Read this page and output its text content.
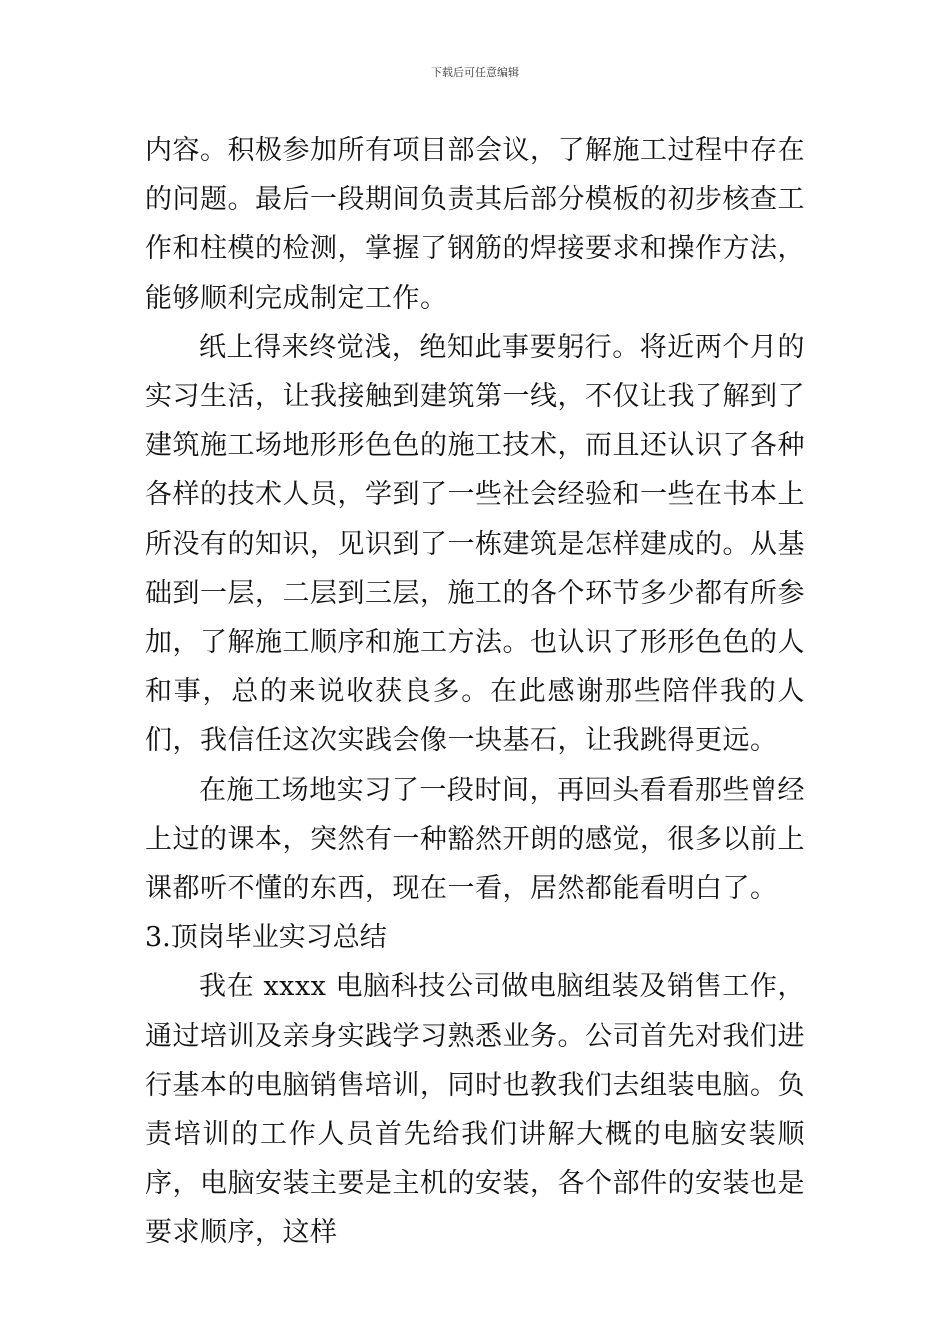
下载后可任意编辑

内容。积极参加所有项目部会议，了解施工过程中存在的问题。最后一段期间负责其后部分模板的初步核查工作和柱模的检测，掌握了钢筋的焊接要求和操作方法，能够顺利完成制定工作。

纸上得来终觉浅，绝知此事要躬行。将近两个月的实习生活，让我接触到建筑第一线，不仅让我了解到了建筑施工场地形形色色的施工技术，而且还认识了各种各样的技术人员，学到了一些社会经验和一些在书本上所没有的知识，见识到了一栋建筑是怎样建成的。从基础到一层，二层到三层，施工的各个环节多少都有所参加，了解施工顺序和施工方法。也认识了形形色色的人和事，总的来说收获良多。在此感谢那些陪伴我的人们，我信任这次实践会像一块基石，让我跳得更远。

在施工场地实习了一段时间，再回头看看那些曾经上过的课本，突然有一种豁然开朗的感觉，很多以前上课都听不懂的东西，现在一看，居然都能看明白了。

3.顶岗毕业实习总结

我在 xxxx 电脑科技公司做电脑组装及销售工作，通过培训及亲身实践学习熟悉业务。公司首先对我们进行基本的电脑销售培训，同时也教我们去组装电脑。负责培训的工作人员首先给我们讲解大概的电脑安装顺序，电脑安装主要是主机的安装，各个部件的安装也是要求顺序，这样
